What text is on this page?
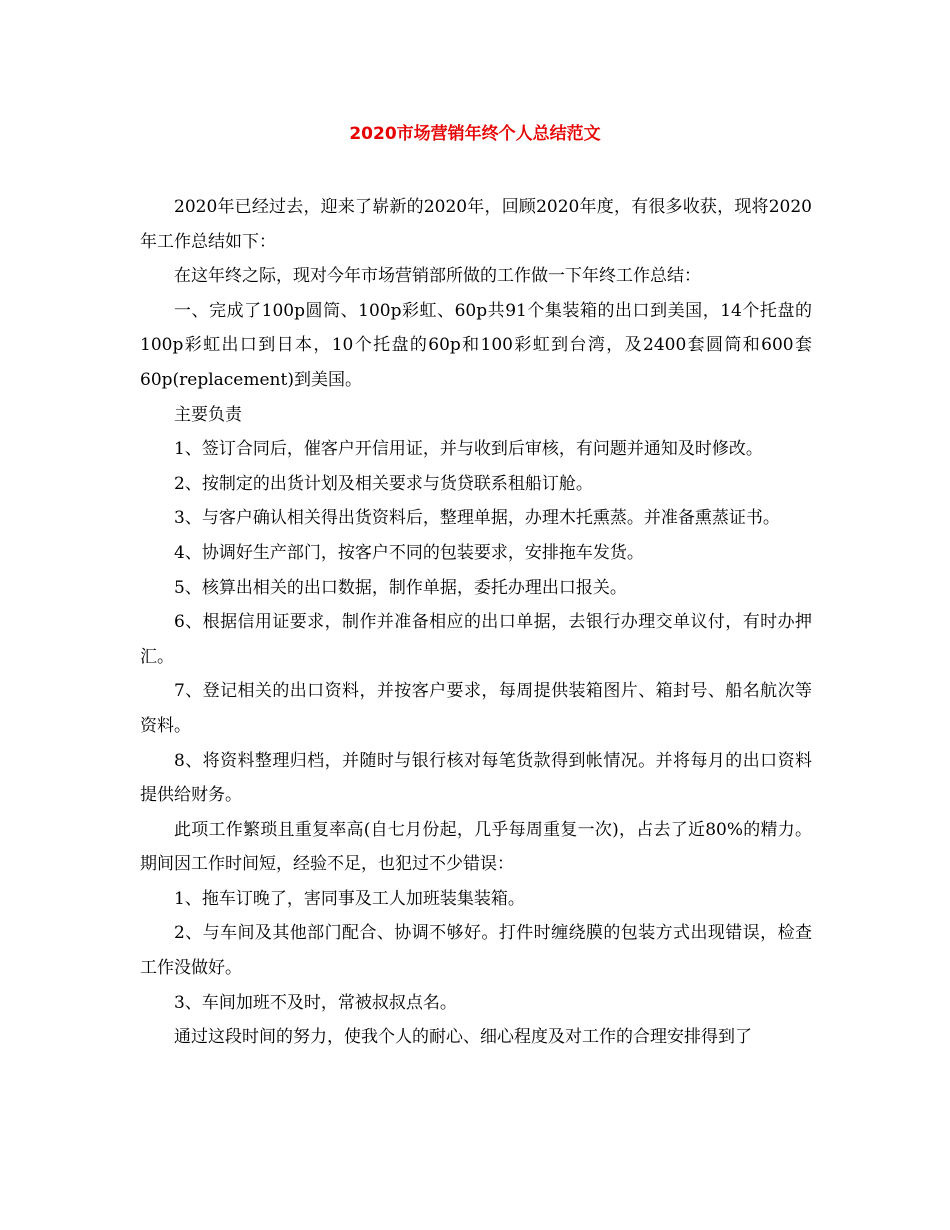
2020市场营销年终个人总结范文

2020年已经过去，迎来了崭新的2020年，回顾2020年度，有很多收获，现将2020年工作总结如下：

在这年终之际，现对今年市场营销部所做的工作做一下年终工作总结：

一、完成了100p圆筒、100p彩虹、60p共91个集装箱的出口到美国，14个托盘的100p彩虹出口到日本，10个托盘的60p和100彩虹到台湾，及2400套圆筒和600套60p(replacement)到美国。

主要负责

1、签订合同后，催客户开信用证，并与收到后审核，有问题并通知及时修改。

2、按制定的出货计划及相关要求与货贷联系租船订舱。

3、与客户确认相关得出货资料后，整理单据，办理木托熏蒸。并准备熏蒸证书。

4、协调好生产部门，按客户不同的包装要求，安排拖车发货。

5、核算出相关的出口数据，制作单据，委托办理出口报关。

6、根据信用证要求，制作并准备相应的出口单据，去银行办理交单议付，有时办押汇。

7、登记相关的出口资料，并按客户要求，每周提供装箱图片、箱封号、船名航次等资料。

8、将资料整理归档，并随时与银行核对每笔货款得到帐情况。并将每月的出口资料提供给财务。

此项工作繁琐且重复率高(自七月份起，几乎每周重复一次)，占去了近80%的精力。期间因工作时间短，经验不足，也犯过不少错误：

1、拖车订晚了，害同事及工人加班装集装箱。

2、与车间及其他部门配合、协调不够好。打件时缠绕膜的包装方式出现错误，检查工作没做好。

3、车间加班不及时，常被叔叔点名。

通过这段时间的努力，使我个人的耐心、细心程度及对工作的合理安排得到了
